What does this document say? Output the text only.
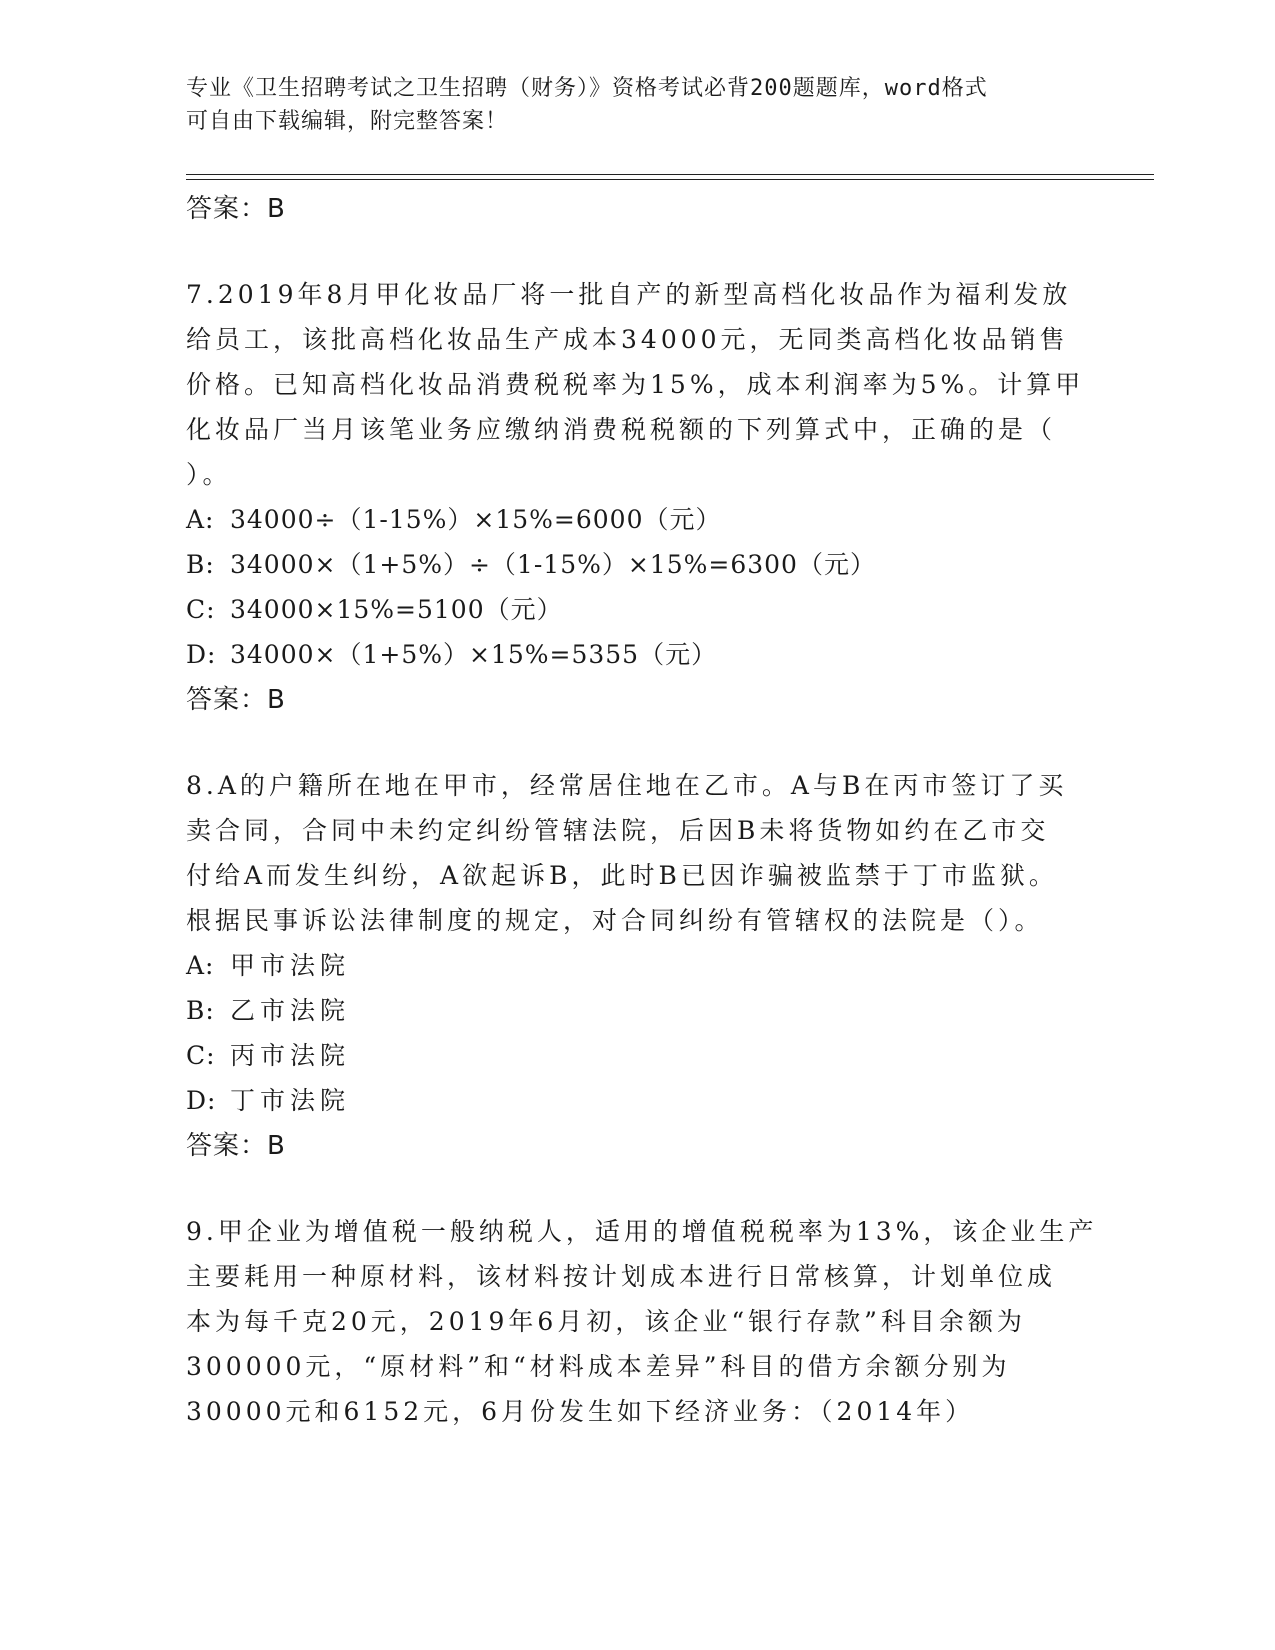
专业《卫生招聘考试之卫生招聘（财务）》资格考试必背200题题库，word格式
可自由下载编辑，附完整答案！
答案：B
7.2019年8月甲化妆品厂将一批自产的新型高档化妆品作为福利发放
给员工，该批高档化妆品生产成本34000元，无同类高档化妆品销售
价格。已知高档化妆品消费税税率为15%，成本利润率为5%。计算甲
化妆品厂当月该笔业务应缴纳消费税税额的下列算式中，正确的是（
）。
A: 34000÷（1-15%）×15%=6000（元）
B: 34000×（1+5%）÷（1-15%）×15%=6300（元）
C: 34000×15%=5100（元）
D: 34000×（1+5%）×15%=5355（元）
答案：B
8.A的户籍所在地在甲市，经常居住地在乙市。A与B在丙市签订了买
卖合同，合同中未约定纠纷管辖法院，后因B未将货物如约在乙市交
付给A而发生纠纷，A欲起诉B，此时B已因诈骗被监禁于丁市监狱。
根据民事诉讼法律制度的规定，对合同纠纷有管辖权的法院是（）。
A: 甲市法院
B: 乙市法院
C: 丙市法院
D: 丁市法院
答案：B
9.甲企业为增值税一般纳税人，适用的增值税税率为13%，该企业生产
主要耗用一种原材料，该材料按计划成本进行日常核算，计划单位成
本为每千克20元，2019年6月初，该企业“银行存款”科目余额为
300000元，“原材料”和“材料成本差异”科目的借方余额分别为
30000元和6152元，6月份发生如下经济业务：（2014年）
